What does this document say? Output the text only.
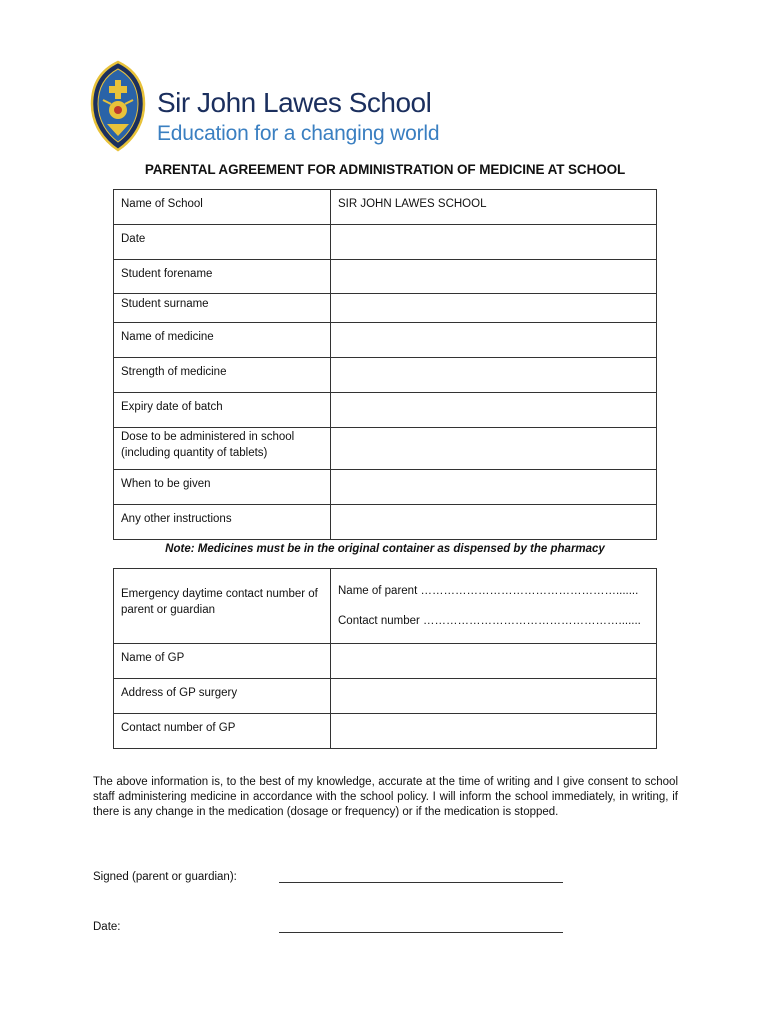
Sir John Lawes School

Education for a changing world

PARENTAL AGREEMENT FOR ADMINISTRATION OF MEDICINE AT SCHOOL
Name of School	SIR JOHN LAWES SCHOOL
Date	
Student forename	
Student surname	
Name of medicine	
Strength of medicine	
Expiry date of batch	
Dose to be administered in school (including quantity of tablets)	
When to be given	
Any other instructions	

Note: Medicines must be in the original container as dispensed by the pharmacy

Emergency daytime contact number of parent or guardian	Name of parent …………………………………………….......
Contact number …………………………………………….......

Name of GP	
Address of GP surgery	
Contact number of GP	

The above information is, to the best of my knowledge, accurate at the time of writing and I give consent to school staff administering medicine in accordance with the school policy. I will inform the school immediately, in writing, if there is any change in the medication (dosage or frequency) or if the medication is stopped.

Signed (parent or guardian):
Date:
